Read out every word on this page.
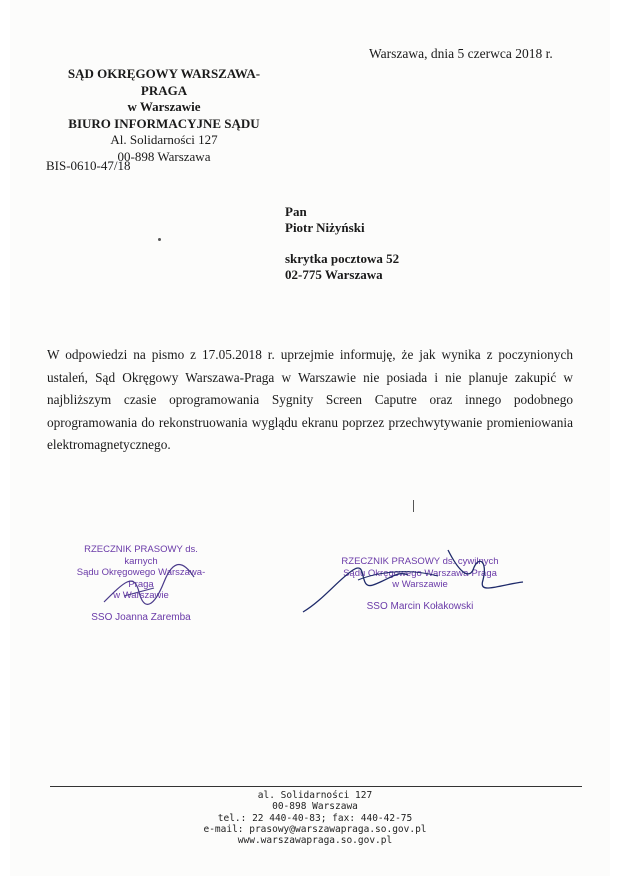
Warszawa, dnia 5 czerwca 2018 r.
SĄD OKRĘGOWY WARSZAWA-PRAGA
w Warszawie
BIURO INFORMACYJNE SĄDU
Al. Solidarności 127
00-898 Warszawa
BIS-0610-47/18
Pan
Piotr Niżyński
skrytka pocztowa 52
02-775 Warszawa
W odpowiedzi na pismo z 17.05.2018 r. uprzejmie informuję, że jak wynika z poczynionych ustaleń, Sąd Okręgowy Warszawa-Praga w Warszawie nie posiada i nie planuje zakupić w najbliższym czasie oprogramowania Sygnity Screen Caputre oraz innego podobnego oprogramowania do rekonstruowania wyglądu ekranu poprzez przechwytywanie promieniowania elektromagnetycznego.
RZECZNIK PRASOWY ds. karnych
Sądu Okręgowego Warszawa-Praga
w Warszawie
SSO Joanna Zaremba
RZECZNIK PRASOWY ds. cywilnych
Sądu Okręgowego Warszawa-Praga
w Warszawie
SSO Marcin Kołakowski
al. Solidarności 127
00-898 Warszawa
tel.: 22 440-40-83; fax: 440-42-75
e-mail: prasowy@warszawapraga.so.gov.pl
www.warszawapraga.so.gov.pl
